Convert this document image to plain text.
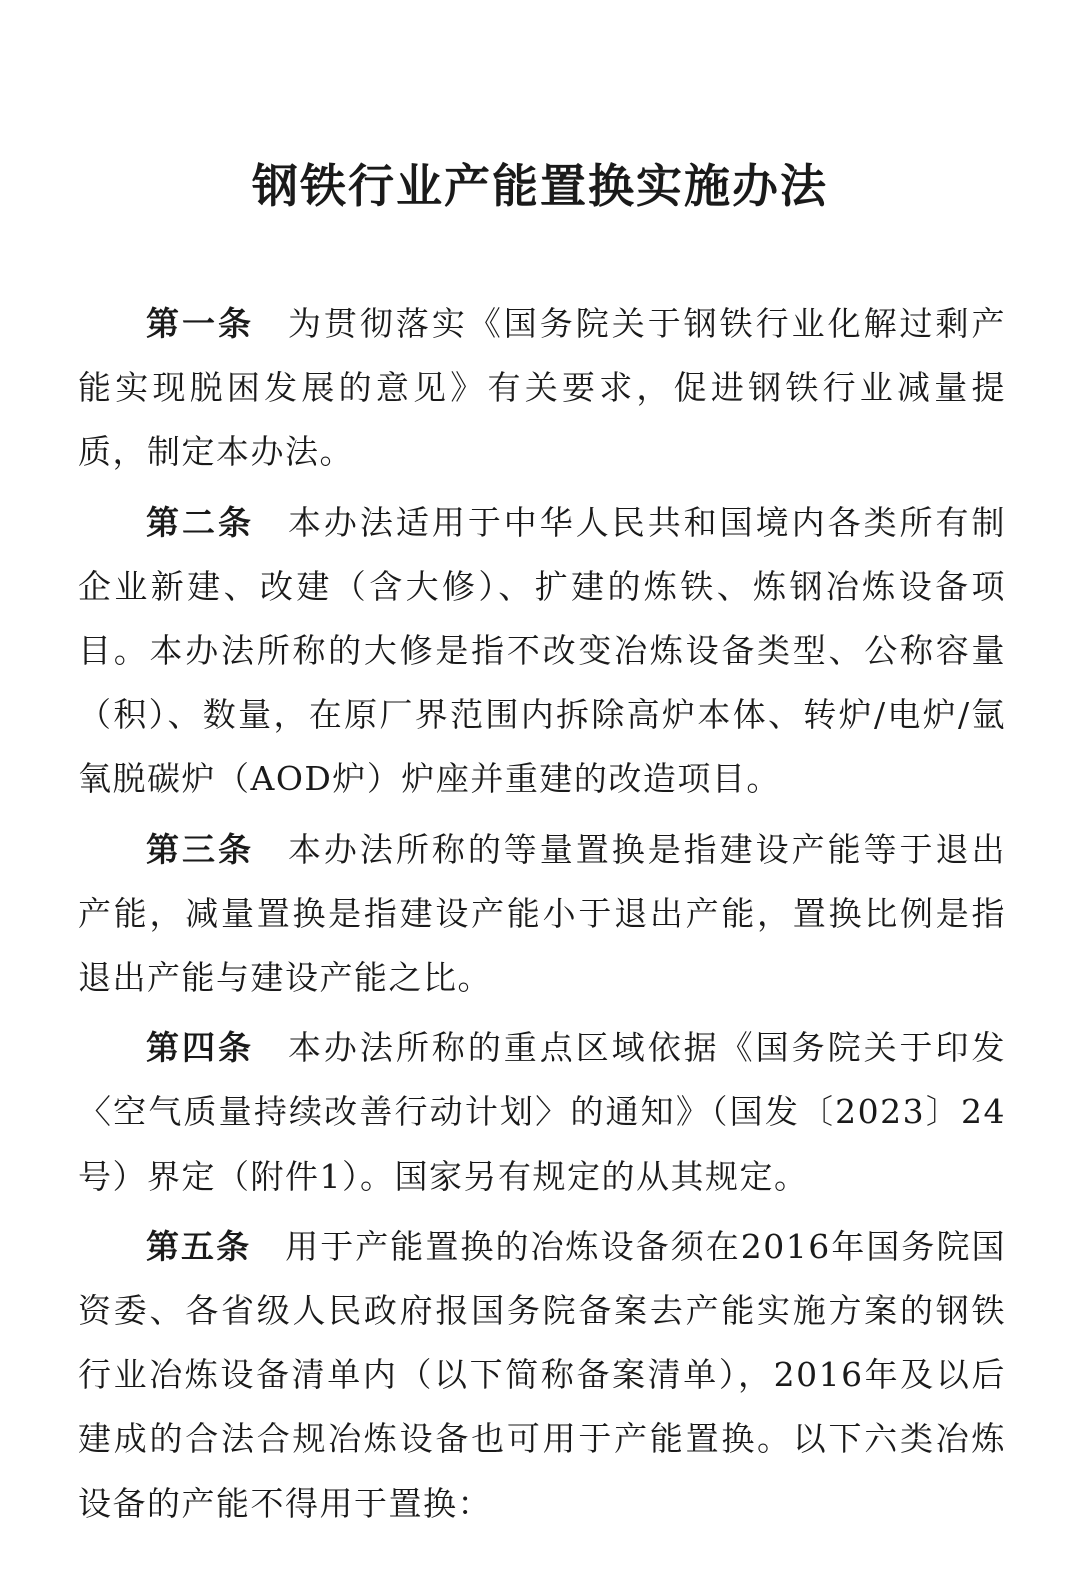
钢铁行业产能置换实施办法

第一条 为贯彻落实《国务院关于钢铁行业化解过剩产能实现脱困发展的意见》有关要求，促进钢铁行业减量提质，制定本办法。

第二条 本办法适用于中华人民共和国境内各类所有制企业新建、改建（含大修）、扩建的炼铁、炼钢冶炼设备项目。本办法所称的大修是指不改变冶炼设备类型、公称容量（积）、数量，在原厂界范围内拆除高炉本体、转炉/电炉/氩氧脱碳炉（AOD炉）炉座并重建的改造项目。

第三条 本办法所称的等量置换是指建设产能等于退出产能，减量置换是指建设产能小于退出产能，置换比例是指退出产能与建设产能之比。

第四条 本办法所称的重点区域依据《国务院关于印发〈空气质量持续改善行动计划〉的通知》（国发〔2023〕24号）界定（附件1）。国家另有规定的从其规定。

第五条 用于产能置换的冶炼设备须在2016年国务院国资委、各省级人民政府报国务院备案去产能实施方案的钢铁行业冶炼设备清单内（以下简称备案清单），2016年及以后建成的合法合规冶炼设备也可用于产能置换。以下六类冶炼设备的产能不得用于置换：
